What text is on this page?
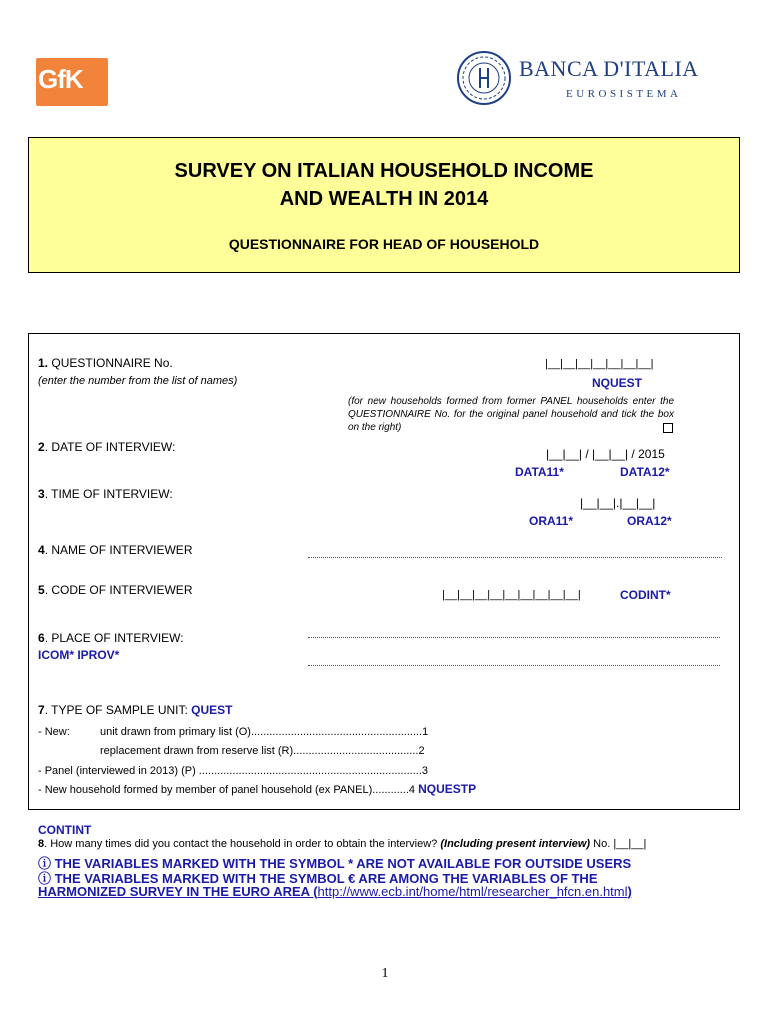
GfK	BANCA D'ITALIA
EUROSISTEMA
SURVEY ON ITALIAN HOUSEHOLD INCOME
AND WEALTH IN 2014
QUESTIONNAIRE FOR HEAD OF HOUSEHOLD
1. QUESTIONNAIRE No.
(enter the number from the list of names)
|__|__|__|__|__|__|__|
NQUEST
(for new households formed from former PANEL households enter the QUESTIONNAIRE No. for the original panel household and tick the box on the right)
2. DATE OF INTERVIEW:	|__|__| / |__|__| / 2015
DATA11*	DATA12*
3. TIME OF INTERVIEW:
|__|__|.|__|__|
ORA11*	ORA12*
4. NAME OF INTERVIEWER
5. CODE OF INTERVIEWER	|__|__|__|__|__|__|__|__|__|	CODINT*
6. PLACE OF INTERVIEW:
ICOM* IPROV*
7. TYPE OF SAMPLE UNIT: QUEST
- New:	unit drawn from primary list (O)........................................................1
replacement drawn from reserve list (R).........................................2
- Panel (interviewed in 2013) (P) .........................................................................3
- New household formed by member of panel household (ex PANEL)............4 NQUESTP
CONTINT
8. How many times did you contact the household in order to obtain the interview? (Including present interview) No. |__|__|
ⓘ THE VARIABLES MARKED WITH THE SYMBOL * ARE NOT AVAILABLE FOR OUTSIDE USERS
ⓘ THE VARIABLES MARKED WITH THE SYMBOL € ARE AMONG THE VARIABLES OF THE
HARMONIZED SURVEY IN THE EURO AREA (http://www.ecb.int/home/html/researcher_hfcn.en.html)
1
